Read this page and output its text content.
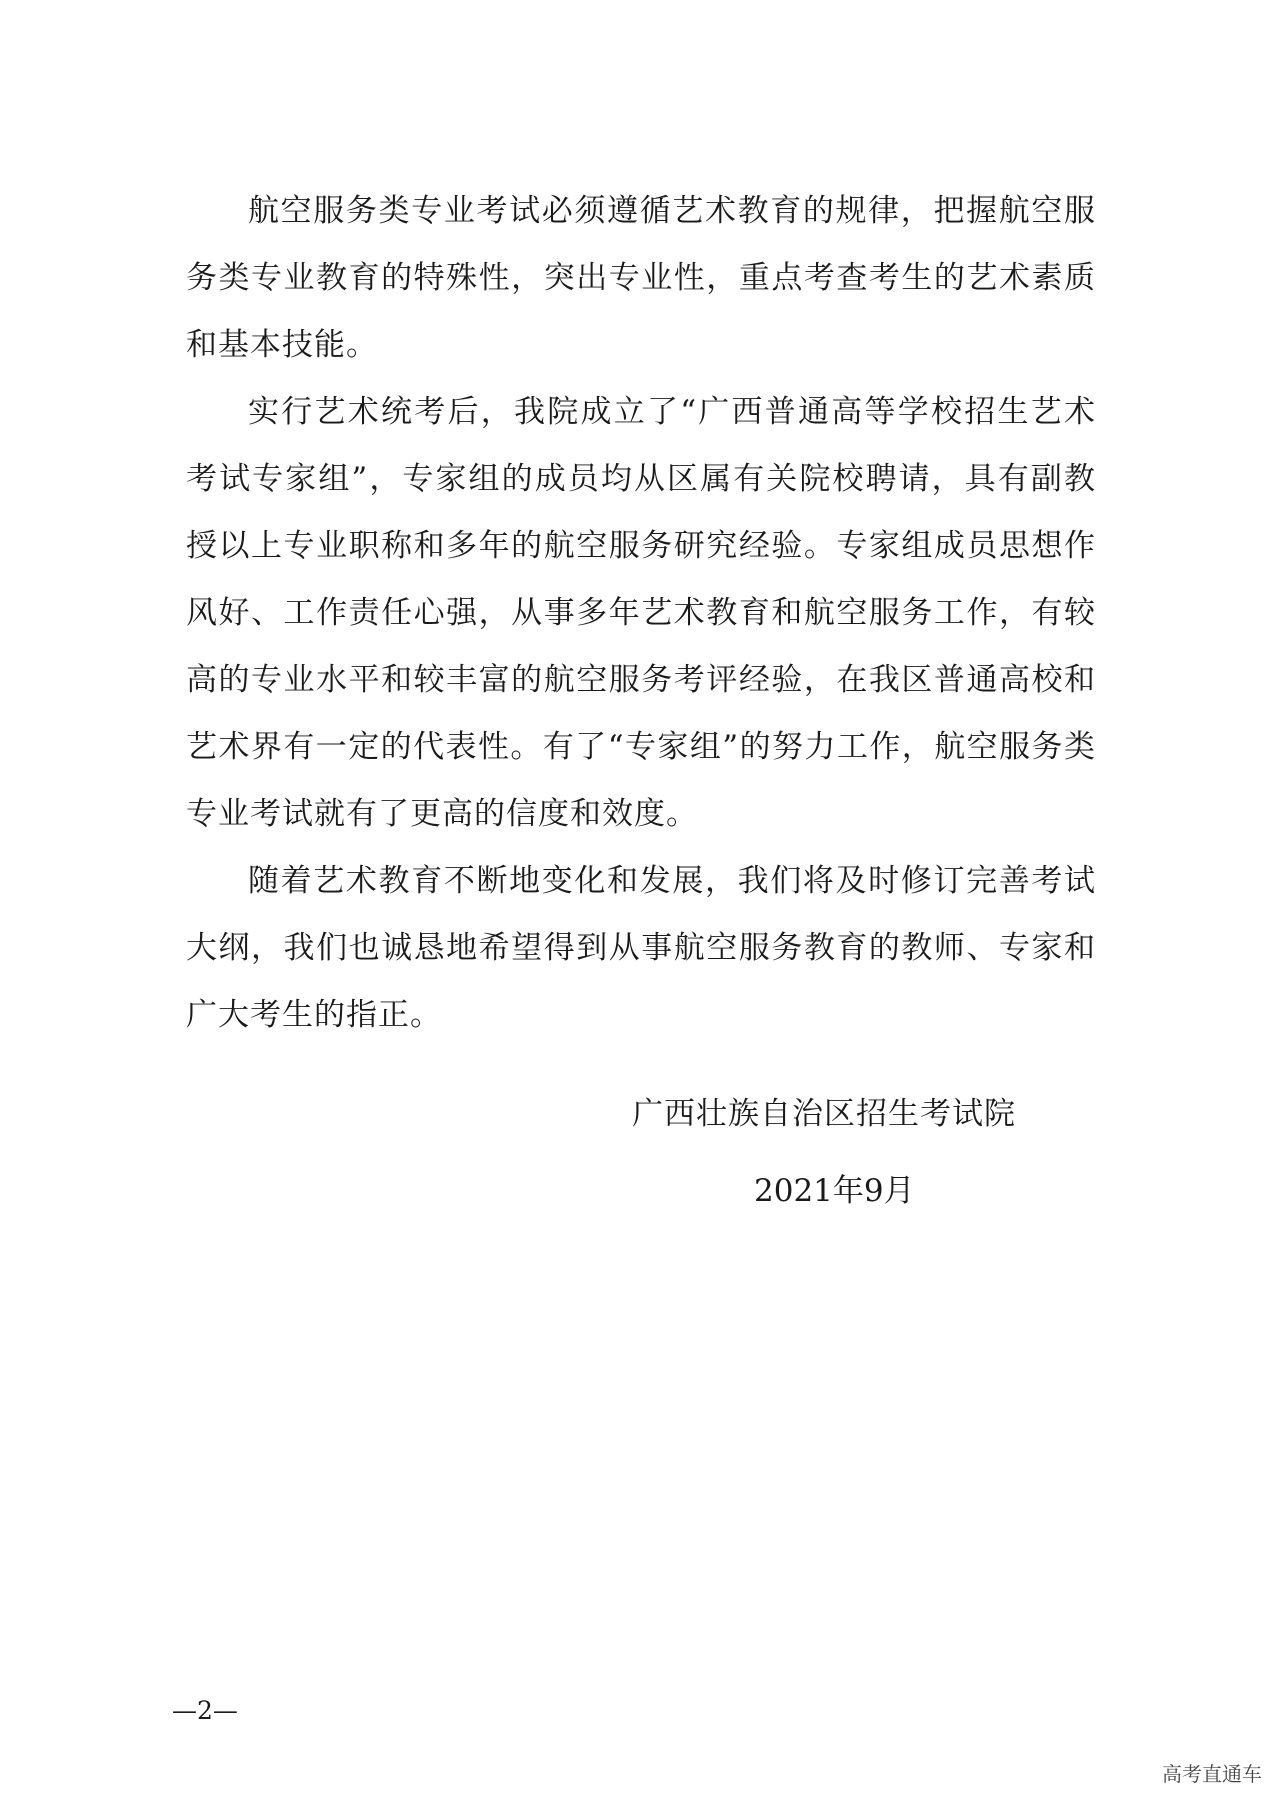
航空服务类专业考试必须遵循艺术教育的规律，把握航空服务类专业教育的特殊性，突出专业性，重点考查考生的艺术素质和基本技能。

实行艺术统考后，我院成立了“广西普通高等学校招生艺术考试专家组”，专家组的成员均从区属有关院校聘请，具有副教授以上专业职称和多年的航空服务研究经验。专家组成员思想作风好、工作责任心强，从事多年艺术教育和航空服务工作，有较高的专业水平和较丰富的航空服务考评经验，在我区普通高校和艺术界有一定的代表性。有了“专家组”的努力工作，航空服务类专业考试就有了更高的信度和效度。

随着艺术教育不断地变化和发展，我们将及时修订完善考试大纲，我们也诚恳地希望得到从事航空服务教育的教师、专家和广大考生的指正。

广西壮族自治区招生考试院
2021年9月
—2—
高考直通车
